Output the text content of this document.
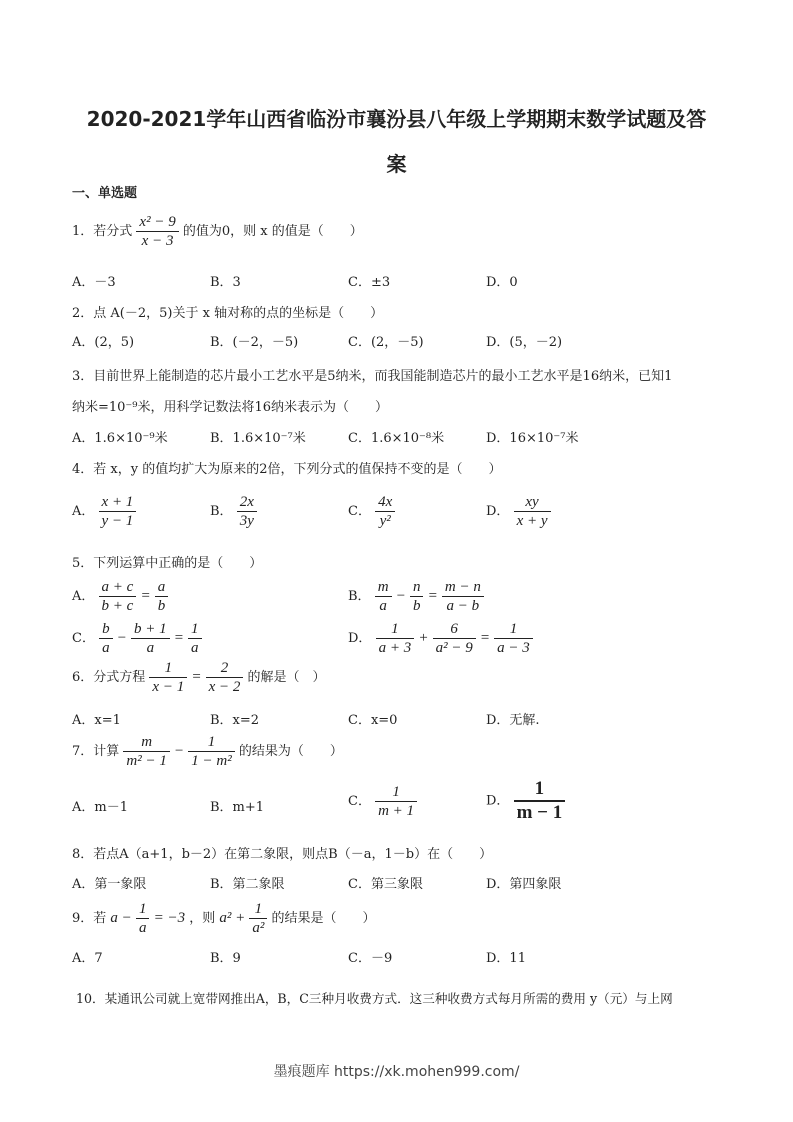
2020-2021学年山西省临汾市襄汾县八年级上学期期末数学试题及答
案
一、单选题
1．若分式 $\frac{\text{x² − 9}}{x - 3}$ 的值为0，则 x 的值是（　　）
A．－3	B．3	C．±3	D．0
2．点 A(－2，5)关于 x 轴对称的点的坐标是（　　）
A．(2，5)	B．(－2，－5)	C．(2，－5)	D．(5，－2)
3．目前世界上能制造的芯片最小工艺水平是5纳米，而我国能制造芯片的最小工艺水平是16纳米，已知1
纳米=10⁻⁹米，用科学记数法将16纳米表示为（　　）
A．1.6×10⁻⁹米	B．1.6×10⁻⁷米	C．1.6×10⁻⁸米	D．16×10⁻⁷米
4．若 x，y 的值均扩大为原来的2倍，下列分式的值保持不变的是（　　）
A． $\frac{x + 1}{y - 1}$	B． $\frac{2x}{3y}$	C． $\frac{4x}{\text{y²}}$	D． $\frac{xy}{x + y}$
5．下列运算中正确的是（　　）
A． $\frac{a + c}{b + c} = \frac{a}{b}$	B． $\frac{m}{a} - \frac{n}{b} = \frac{m - n}{a - b}$
C． $\frac{b}{a} - \frac{b + 1}{a} = \frac{1}{a}$	D． $\frac{1}{a + 3} + \frac{6}{\text{a² − 9}} = \frac{1}{a - 3}$
6．分式方程 $\frac{1}{x - 1} = \frac{2}{x - 2}$ 的解是（　）
A．x=1	B．x=2	C．x=0	D．无解.
7．计算 $\frac{m}{\text{m² − 1}} - \frac{1}{\text{1 − m²}}$ 的结果为（　　）
A．m－1	B．m+1	C． $\frac{1}{m + 1}$	D． $\frac{1}{m - 1}$
8．若点A（a+1，b－2）在第二象限，则点B（－a，1－b）在（　　）
A．第一象限	B．第二象限	C．第三象限	D．第四象限
9．若 $a - \frac{1}{a} = -3$ ，则 $a^2 + \frac{1}{\text{a²}}$ 的结果是（　　）
A．7	B．9	C．－9	D．11
10．某通讯公司就上宽带网推出A，B，C三种月收费方式．这三种收费方式每月所需的费用 y（元）与上网
墨痕题库 https://xk.mohen999.com/
